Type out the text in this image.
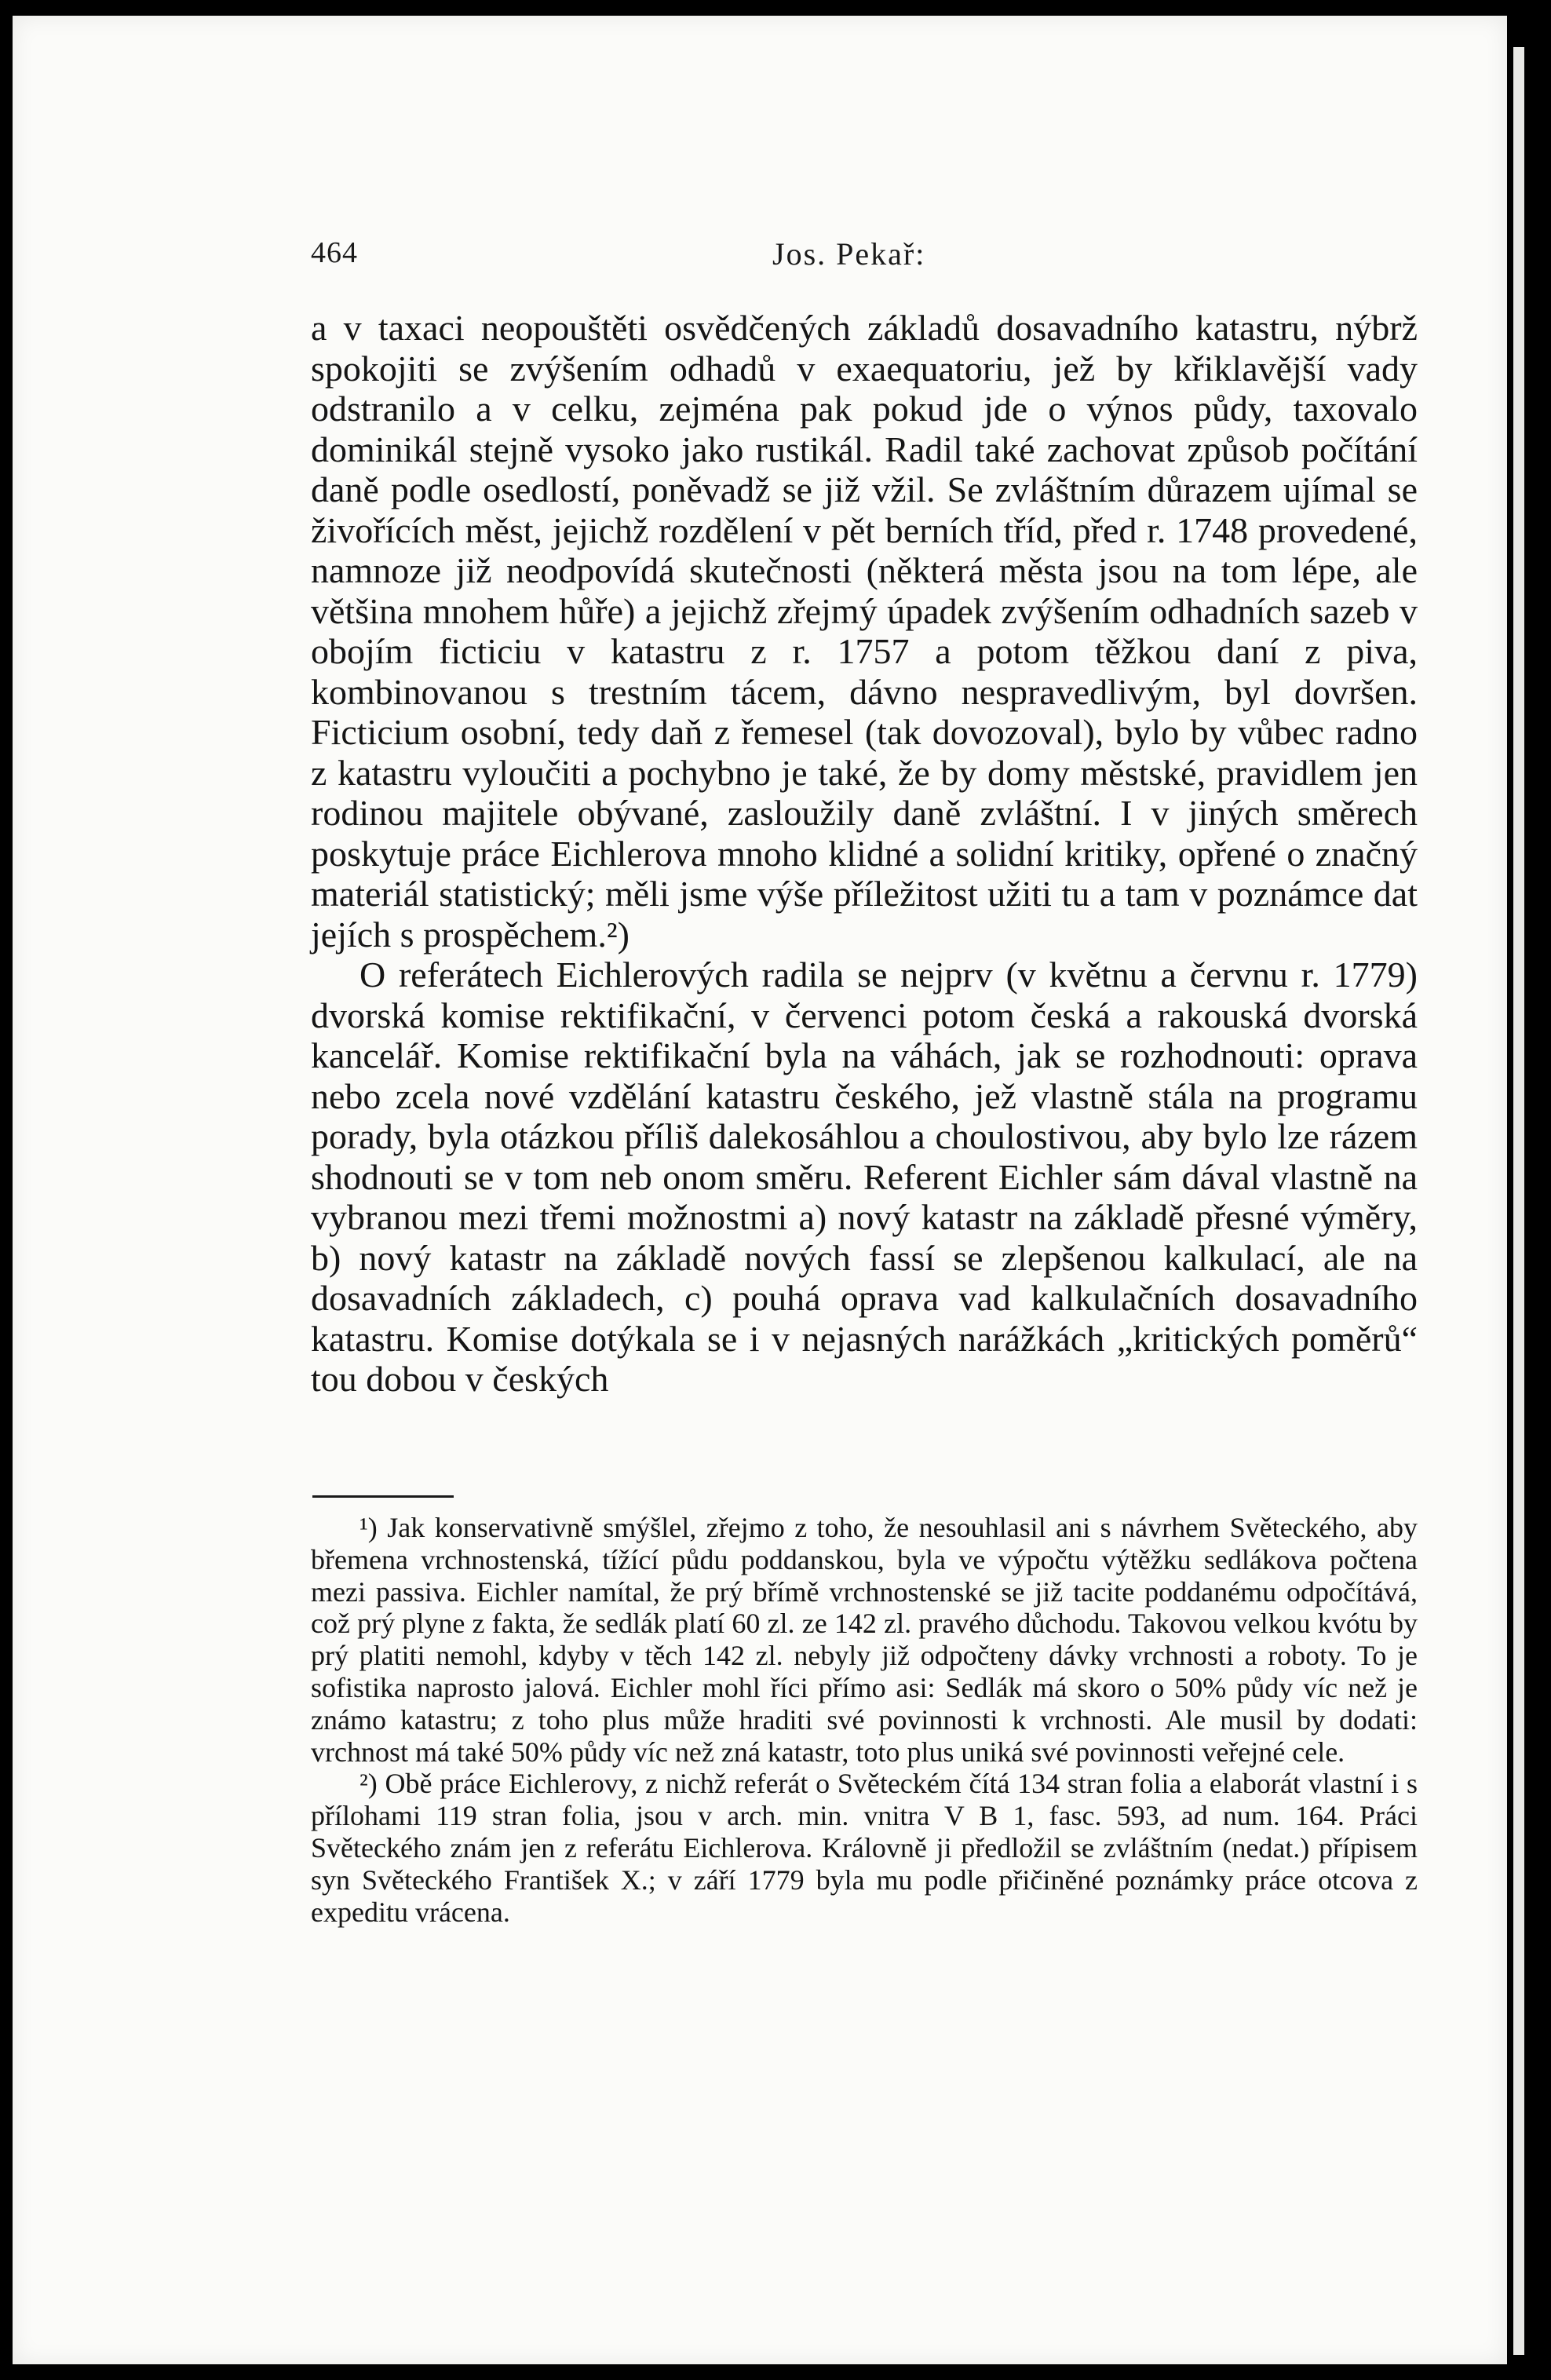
464	Jos. Pekař:

a v taxaci neopouštěti osvědčených základů dosavadního katastru, nýbrž spokojiti se zvýšením odhadů v exaequatoriu, jež by křiklavější vady odstranilo a v celku, zejména pak pokud jde o výnos půdy, taxovalo dominikál stejně vysoko jako rustikál. Radil také zachovat způsob počítání daně podle osedlostí, poněvadž se již vžil. Se zvláštním důrazem ujímal se živořících měst, jejichž rozdělení v pět berních tříd, před r. 1748 provedené, namnoze již neodpovídá skutečnosti (některá města jsou na tom lépe, ale většina mnohem hůře) a jejichž zřejmý úpadek zvýšením odhadních sazeb v obojím ficticiu v katastru z r. 1757 a potom těžkou daní z piva, kombinovanou s trestním tácem, dávno nespravedlivým, byl dovršen. Ficticium osobní, tedy daň z řemesel (tak dovozoval), bylo by vůbec radno z katastru vyloučiti a pochybno je také, že by domy městské, pravidlem jen rodinou majitele obývané, zasloužily daně zvláštní. I v jiných směrech poskytuje práce Eichlerova mnoho klidné a solidní kritiky, opřené o značný materiál statistický; měli jsme výše příležitost užiti tu a tam v poznámce dat jejích s prospěchem.²)

O referátech Eichlerových radila se nejprv (v květnu a červnu r. 1779) dvorská komise rektifikační, v červenci potom česká a rakouská dvorská kancelář. Komise rektifikační byla na váhách, jak se rozhodnouti: oprava nebo zcela nové vzdělání katastru českého, jež vlastně stála na programu porady, byla otázkou příliš dalekosáhlou a choulostivou, aby bylo lze rázem shodnouti se v tom neb onom směru. Referent Eichler sám dával vlastně na vybranou mezi třemi možnostmi a) nový katastr na základě přesné výměry, b) nový katastr na základě nových fassí se zlepšenou kalkulací, ale na dosavadních základech, c) pouhá oprava vad kalkulačních dosavadního katastru. Komise dotýkala se i v nejasných narážkách „kritických poměrů“ tou dobou v českých

¹) Jak konservativně smýšlel, zřejmo z toho, že nesouhlasil ani s návrhem Světeckého, aby břemena vrchnostenská, tížící půdu poddanskou, byla ve výpočtu výtěžku sedlákova počtena mezi passiva. Eichler namítal, že prý břímě vrchnostenské se již tacite poddanému odpočítává, což prý plyne z fakta, že sedlák platí 60 zl. ze 142 zl. pravého důchodu. Takovou velkou kvótu by prý platiti nemohl, kdyby v těch 142 zl. nebyly již odpočteny dávky vrchnosti a roboty. To je sofistika naprosto jalová. Eichler mohl říci přímo asi: Sedlák má skoro o 50% půdy víc než je známo katastru; z toho plus může hraditi své povinnosti k vrchnosti. Ale musil by dodati: vrchnost má také 50% půdy víc než zná katastr, toto plus uniká své povinnosti veřejné cele.

²) Obě práce Eichlerovy, z nichž referát o Světeckém čítá 134 stran folia a elaborát vlastní i s přílohami 119 stran folia, jsou v arch. min. vnitra V B 1, fasc. 593, ad num. 164. Práci Světeckého znám jen z referátu Eichlerova. Královně ji předložil se zvláštním (nedat.) přípisem syn Světeckého František X.; v září 1779 byla mu podle přičiněné poznámky práce otcova z expeditu vrácena.
